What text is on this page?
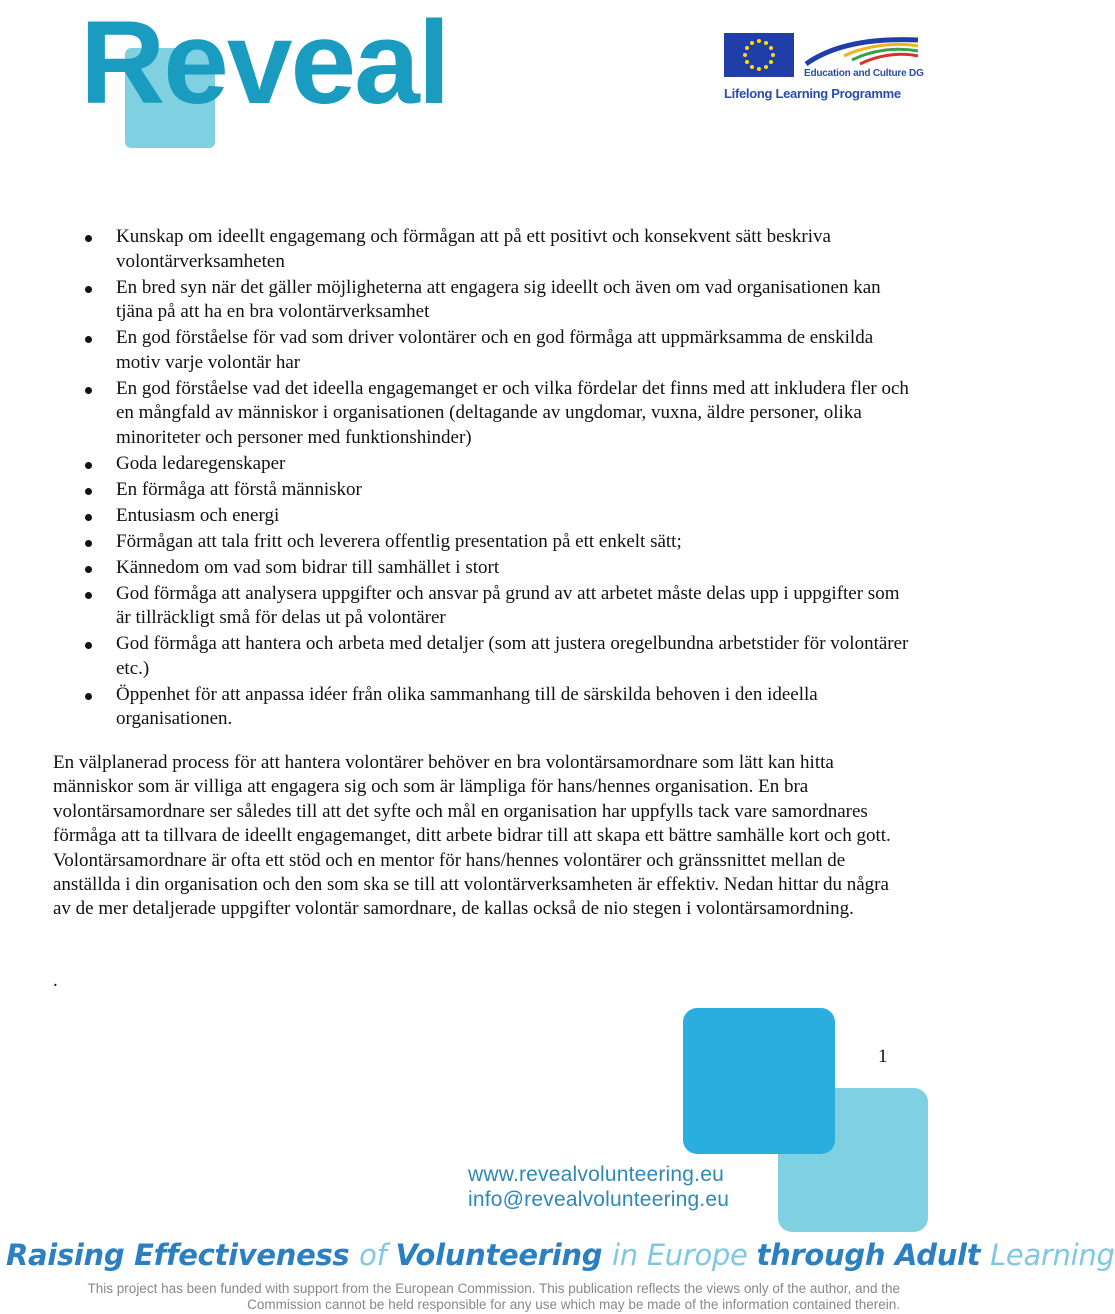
Reveal	Education and Culture DG
Lifelong Learning Programme
Kunskap om ideellt engagemang och förmågan att på ett positivt och konsekvent sätt beskriva volontärverksamheten
En bred syn när det gäller möjligheterna att engagera sig ideellt och även om vad organisationen kan tjäna på att ha en bra volontärverksamhet
En god förståelse för vad som driver volontärer och en god förmåga att uppmärksamma de enskilda motiv varje volontär har
En god förståelse vad det ideella engagemanget er och vilka fördelar det finns med att inkludera fler och en mångfald av människor i organisationen (deltagande av ungdomar, vuxna, äldre personer, olika minoriteter och personer med funktionshinder)
Goda ledaregenskaper
En förmåga att förstå människor
Entusiasm och energi
Förmågan att tala fritt och leverera offentlig presentation på ett enkelt sätt;
Kännedom om vad som bidrar till samhället i stort
God förmåga att analysera uppgifter och ansvar på grund av att arbetet måste delas upp i uppgifter som är tillräckligt små för delas ut på volontärer
God förmåga att hantera och arbeta med detaljer (som att justera oregelbundna arbetstider för volontärer etc.)
Öppenhet för att anpassa idéer från olika sammanhang till de särskilda behoven i den ideella organisationen.

En välplanerad process för att hantera volontärer behöver en bra volontärsamordnare som lätt kan hitta människor som är villiga att engagera sig och som är lämpliga för hans/hennes organisation. En bra volontärsamordnare ser således till att det syfte och mål en organisation har uppfylls tack vare samordnares förmåga att ta tillvara de ideellt engagemanget, ditt arbete bidrar till att skapa ett bättre samhälle kort och gott. Volontärsamordnare är ofta ett stöd och en mentor för hans/hennes volontärer och gränssnittet mellan de anställda i din organisation och den som ska se till att volontärverksamheten är effektiv. Nedan hittar du några av de mer detaljerade uppgifter volontär samordnare, de kallas också de nio stegen i volontärsamordning.

.
1
www.revealvolunteering.eu
info@revealvolunteering.eu
Raising Effectiveness of Volunteering in Europe through Adult Learning
This project has been funded with support from the European Commission. This publication reflects the views only of the author, and the
Commission cannot be held responsible for any use which may be made of the information contained therein.
